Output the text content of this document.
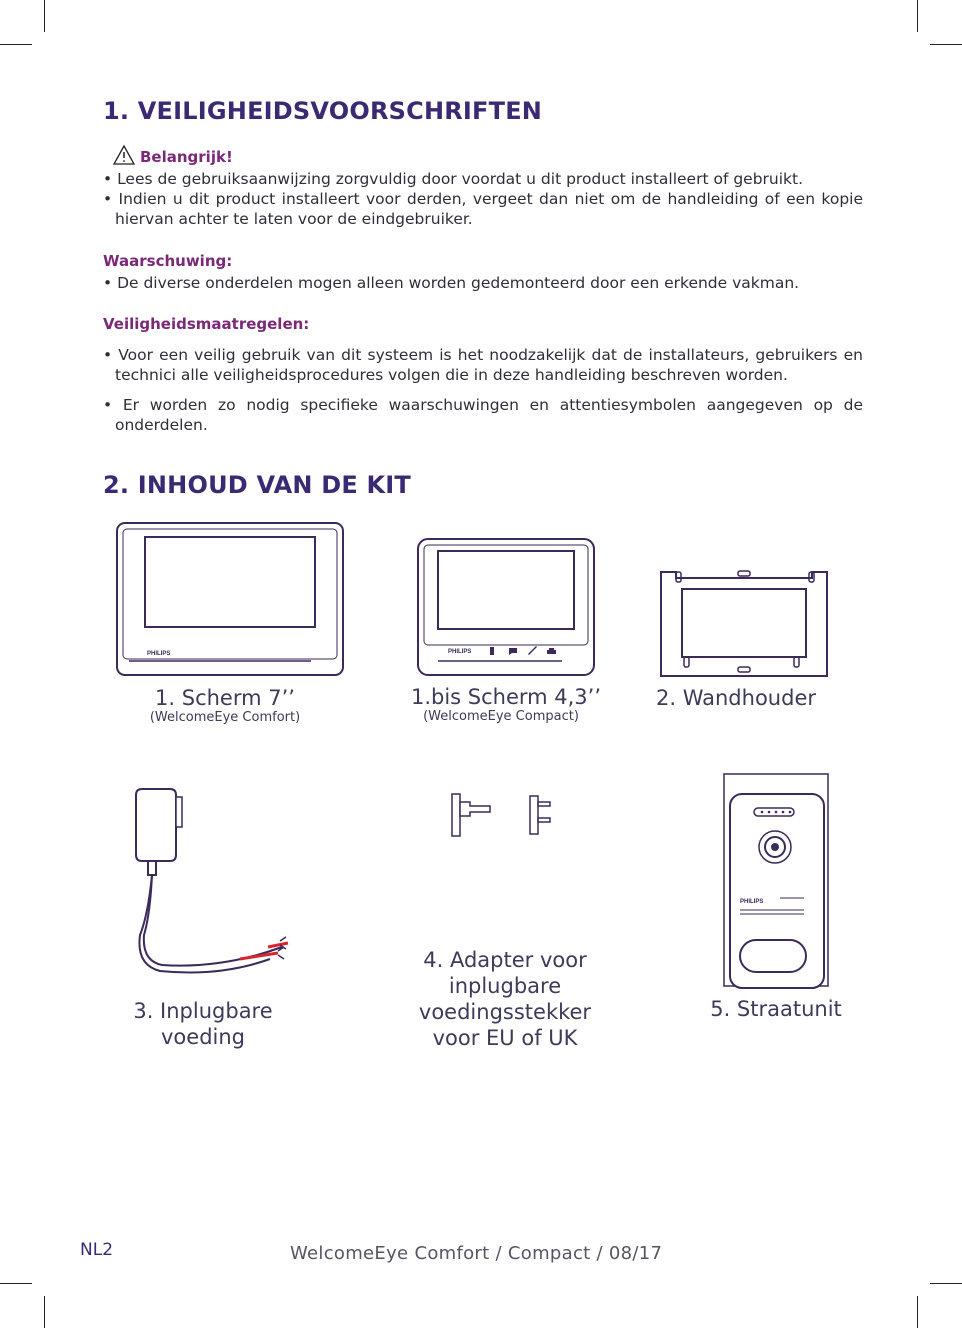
1. VEILIGHEIDSVOORSCHRIFTEN
Belangrijk!
• Lees de gebruiksaanwijzing zorgvuldig door voordat u dit product installeert of gebruikt.
• Indien u dit product installeert voor derden, vergeet dan niet om de handleiding of een kopie hiervan achter te laten voor de eindgebruiker.
Waarschuwing:
• De diverse onderdelen mogen alleen worden gedemonteerd door een erkende vakman.
Veiligheidsmaatregelen:
• Voor een veilig gebruik van dit systeem is het noodzakelijk dat de installateurs, gebruikers en technici alle veiligheidsprocedures volgen die in deze handleiding beschreven worden.
• Er worden zo nodig specifieke waarschuwingen en attentiesymbolen aangegeven op de onderdelen.
2. INHOUD VAN DE KIT
PHILIPS
1. Scherm 7’’
(WelcomeEye Comfort)
PHILIPS
1.bis Scherm 4,3’’
(WelcomeEye Compact)
2. Wandhouder
3. Inplugbare
voeding
4. Adapter voor
inplugbare
voedingsstekker
voor EU of UK
PHILIPS
5. Straatunit
NL2	WelcomeEye Comfort / Compact / 08/17
